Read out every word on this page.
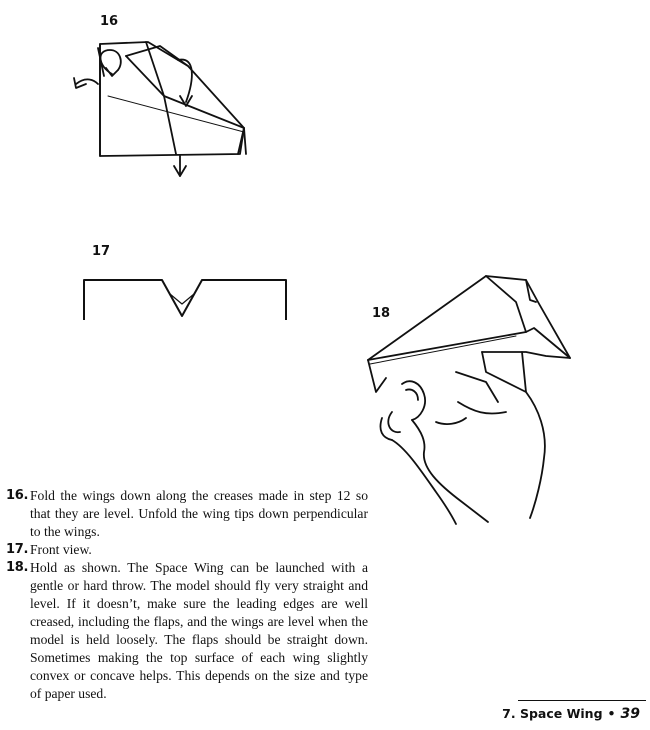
16
17
18
16. Fold the wings down along the creases made in step 12 so that they are level. Unfold the wing tips down perpendicular to the wings.
17. Front view.
18. Hold as shown. The Space Wing can be launched with a gentle or hard throw. The model should fly very straight and level. If it doesn’t, make sure the leading edges are well creased, including the flaps, and the wings are level when the model is held loosely. The flaps should be straight down. Sometimes making the top surface of each wing slightly convex or concave helps. This depends on the size and type of paper used.
7. Space Wing • 39
